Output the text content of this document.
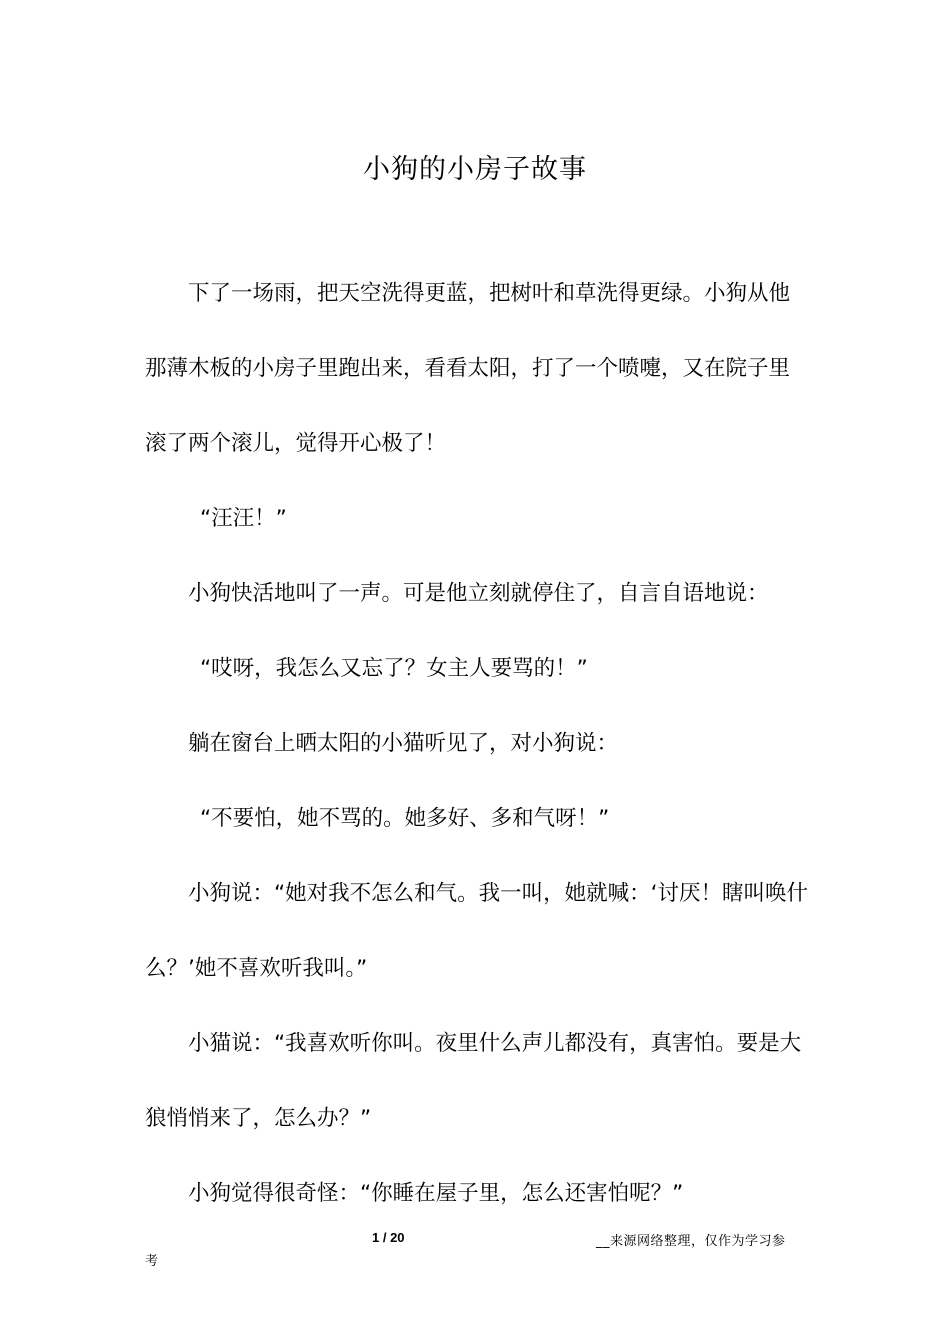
小狗的小房子故事

下了一场雨，把天空洗得更蓝，把树叶和草洗得更绿。小狗从他那薄木板的小房子里跑出来，看看太阳，打了一个喷嚏，又在院子里滚了两个滚儿，觉得开心极了！

“汪汪！”

小狗快活地叫了一声。可是他立刻就停住了，自言自语地说：

“哎呀，我怎么又忘了？女主人要骂的！”

躺在窗台上晒太阳的小猫听见了，对小狗说：

“不要怕，她不骂的。她多好、多和气呀！”

小狗说：“她对我不怎么和气。我一叫，她就喊：‘讨厌！瞎叫唤什么？’她不喜欢听我叫。”

小猫说：“我喜欢听你叫。夜里什么声儿都没有，真害怕。要是大狼悄悄来了，怎么办？”

小狗觉得很奇怪：“你睡在屋子里，怎么还害怕呢？”

1 / 20	__来源网络整理，仅作为学习参
考
